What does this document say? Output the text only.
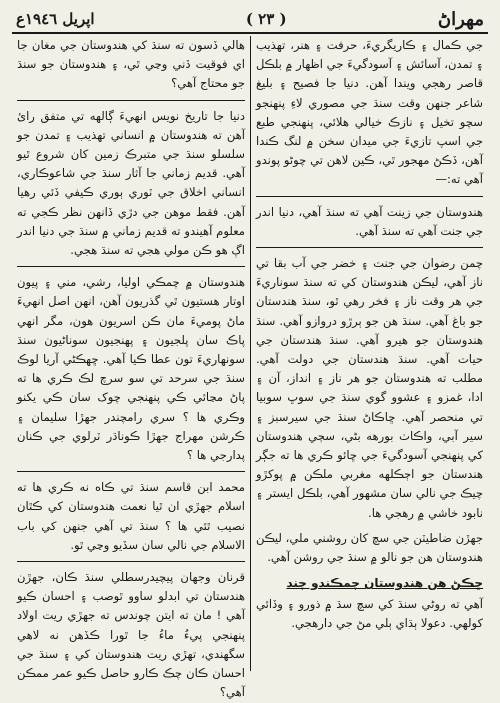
اپريل ١٩٤٦ع	( ٢٣ )	مهراڻ

جي ڪمال ۽ ڪاريگريءَ، حرفت ۽ هنر، تهذيب ۽ تمدن، آسائش ۽ آسودگيءَ جي اظهار ۾ بلڪل قاصر رهجي ويندا آهن. دنيا جا فصيح ۽ بليغ شاعر جنهن وقت سنڌ جي مصوري لاءِ پنهنجو سچو تخيل ۽ نازڪ خيالي هلائي، پنهنجي طبع جي اسپ تازيءَ جي ميدان سخن ۾ لنگ ڪندا آهن، ڏڪڻ مهجور ٿي، ڪين لاهن تي چوڻو پوندو آهي ته:—

هندوستان جي زينت آهي ته سنڌ آهي، دنيا اندر جي جنت آهي ته سنڌ آهي.

چمن رضوان جي جنت ۽ خضر جي آب بقا تي ناز آهي، ليڪن هندوستان کي ته سنڌ سوناريءَ جي هر وقت ناز ۽ فخر رهي ٿو، سنڌ هندستان جو باغ آهي. سنڌ هن جو ٻرڙو دروازو آهي. سنڌ هندوستان جو هيرو آهي. سنڌ هندستان جي حيات آهي. سنڌ هندستان جي دولت آهي. مطلب ته هندوستان جو هر ناز ۽ انداز، آن ۽ ادا، غمزو ۽ عشوو گوي سنڌ جي سوڀ سوبيا تي منحصر آهي. ڇاڪاڻ سنڌ جي سيرسبز ۽ سير آبي، واڪاٺ بورهه بڻي، سڄي هندوستان کي پنهنجي آسودگيءَ جي ڇائو ڪري ها ته جڳر هندستان جو اڄڪلهه مغربي ملڪن ۾ پوکڙو چيڪ جي نالي سان مشهور آهي، بلڪل ايستر ۽ نابود خاشي ۾ رهجي ها.

جهڙن ضاطيٽن جي سچ کان روشني ملي، ليڪن هندوستان هن جو نالو ۾ سنڌ جي روشن آهي.

ڇڪڻ هن هندوستان چمڪندو چند

آهي ته روڻي سنڌ کي سچ سڌ ۾ ذورو ۽ وڏائي کولهي. دعولا ٻڌاي ٻلي مڻ جي دارهجي.

هالي ڏسون ته سنڌ کي هندوستان جي مغان جا اي فوقيت ڏني وڃي ٿي، ۽ هندوستان جو سنڌ جو محتاج آهي؟

دنيا جا تاريخ نويس انهيءَ ڳالهه تي متفق رائ آهن ته هندوستان ۾ انساني تهذيب ۽ تمدن جو سلسلو سنڌ جي متبرڪ زمين کان شروع ٿيو آهي. قديم زماني جا آثار سنڌ جي شاعوڪاري، انساني اخلاق جي ٽوري ٻوري ڪيفي ڏئي رهيا آهن. فقط موهن جي دڙي ڏانهن نظر ڪجي ته معلوم آهيندو ته قديم زماني ۾ سنڌ جي دنيا اندر اڳ هو ڪن مولي هجي ته سنڌ هجي.

هندوستان ۾ چمڪي اوليا، رشي، مني ۽ پيون اوتار هستيون ٿي گذريون آهن، انهن اصل انهيءَ ماڻ پوميءَ مان ڪن اسريون هون، مگر انهي پاڪ سان پلجيون ۽ پهنجيون سوناڻيون سنڌ سونهاريءَ تون عطا ڪيا آهي. ڇهڪڻي آريا لوڪ سنڌ جي سرحد تي سو سرچ لڪ ڪري ها ته پاڻ مڃائي ڪي پنهنجي چوک سان ڪي يکنو وڪري ها ؟ سري رامچندر جهڙا سليمان ۽ ڪرشن مهراج جهڙا ڪوناڌر ٽرلوي جي ڪنان پدارجي ها ؟

محمد ابن قاسم سنڌ تي ڪاه نه ڪري ها ته اسلام جهڙي ان ٿيا نعمت هندوستان کي ڪٿان نصيب ٿئي ها ؟ سنڌ تي آهي جنهن کي باب الاسلام جي نالي سان سڏيو وڃي ٿو.

قرنان وجهان پيچيدرسطلي سنڌ ڪان، جهڙن هندستان تي ابدلو ساوو ٿوصب ۽ احسان ڪيو آهي ! مان ته ايتن چوندس ته جهڙي ريت اولاد پنهنجي پيءُ ماءُ جا ٿورا ڪڏهن نه لاهي سگهندي، تهڙي ريت هندوستان کي ۽ سنڌ جي احسان ڪان چڪ ڪارو حاصل ڪيو عمر ممڪن آهي؟
